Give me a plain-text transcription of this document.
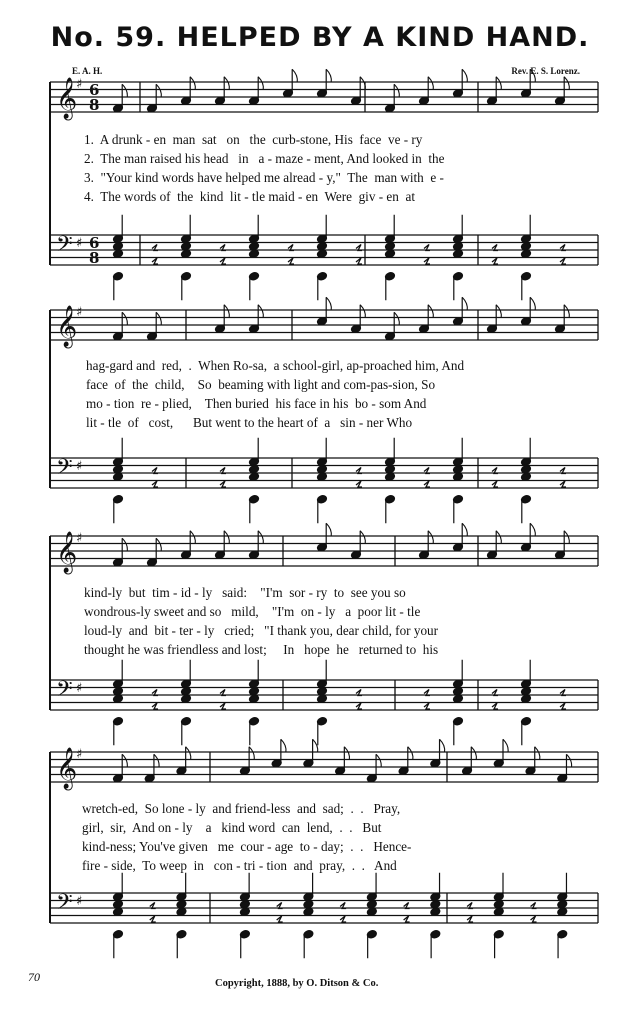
No. 59. HELPED BY A KIND HAND.
E. A. H.	Rev. E. S. Lorenz.
𝄞
𝄢
♯
♯
6
6
8
8
𝄞
𝄢
♯
♯
𝄞
𝄢
♯
♯
𝄞
𝄢
♯
♯
1.  A drunk - en  man  sat   on   the  curb-stone, His  face  ve - ry
2.  The man raised his head   in   a - maze - ment, And looked in  the
3.  "Your kind words have helped me alread - y,"  The  man with  e -
4.  The words of  the  kind  lit - tle maid - en  Were  giv - en  at
hag-gard and  red,  .  When Ro-sa,  a school-girl, ap-proached him, And
face  of  the  child,    So  beaming with light and com-pas-sion, So
mo - tion  re - plied,    Then buried  his face in his  bo - som And
lit - tle  of   cost,      But went to the heart of  a   sin - ner Who
kind-ly  but  tim - id - ly   said:    "I'm  sor - ry  to  see you so
wondrous-ly sweet and so   mild,    "I'm  on - ly   a  poor lit - tle
loud-ly  and  bit - ter - ly   cried;   "I thank you, dear child, for your
thought he was friendless and lost;     In   hope  he   returned to  his
wretch-ed,  So lone - ly  and friend-less  and  sad;  .  .   Pray,
girl,  sir,  And on - ly    a   kind word  can  lend,  .  .   But
kind-ness; You've given   me  cour - age  to - day;  .  .   Hence-
fire - side,  To weep  in   con - tri - tion  and  pray,  .  .   And
70	Copyright, 1888, by O. Ditson & Co.
